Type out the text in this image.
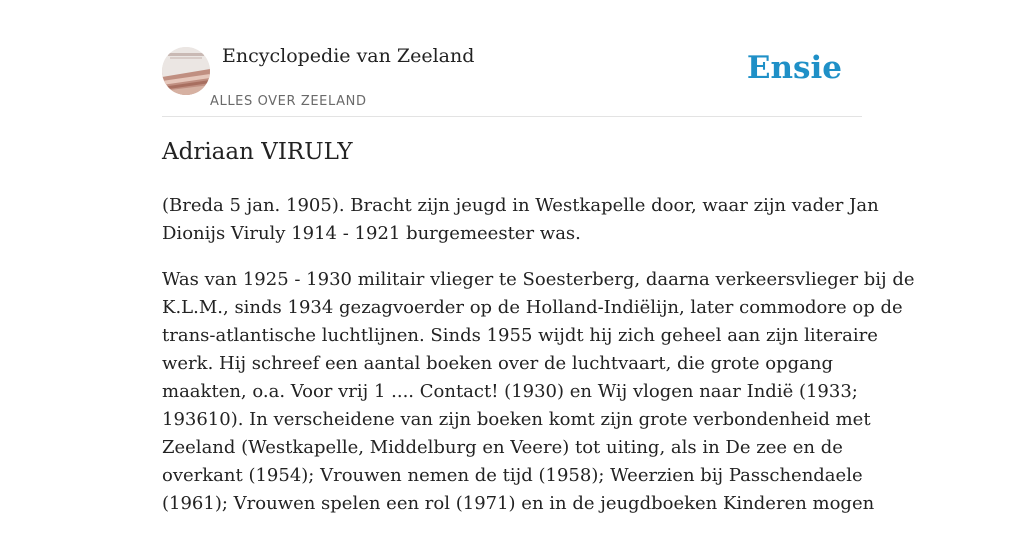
Encyclopedie van Zeeland
ALLES OVER ZEELAND
Ensie
Adriaan VIRULY

(Breda 5 jan. 1905). Bracht zijn jeugd in Westkapelle door, waar zijn vader Jan
Dionijs Viruly 1914 - 1921 burgemeester was.

Was van 1925 - 1930 militair vlieger te Soesterberg, daarna verkeersvlieger bij de
K.L.M., sinds 1934 gezagvoerder op de Holland-Indiëlijn, later commodore op de
trans-atlantische luchtlijnen. Sinds 1955 wijdt hij zich geheel aan zijn literaire
werk. Hij schreef een aantal boeken over de luchtvaart, die grote opgang
maakten, o.a. Voor vrij 1 .... Contact! (1930) en Wij vlogen naar Indië (1933;
193610). In verscheidene van zijn boeken komt zijn grote verbondenheid met
Zeeland (Westkapelle, Middelburg en Veere) tot uiting, als in De zee en de
overkant (1954); Vrouwen nemen de tijd (1958); Weerzien bij Passchendaele
(1961); Vrouwen spelen een rol (1971) en in de jeugdboeken Kinderen mogen
